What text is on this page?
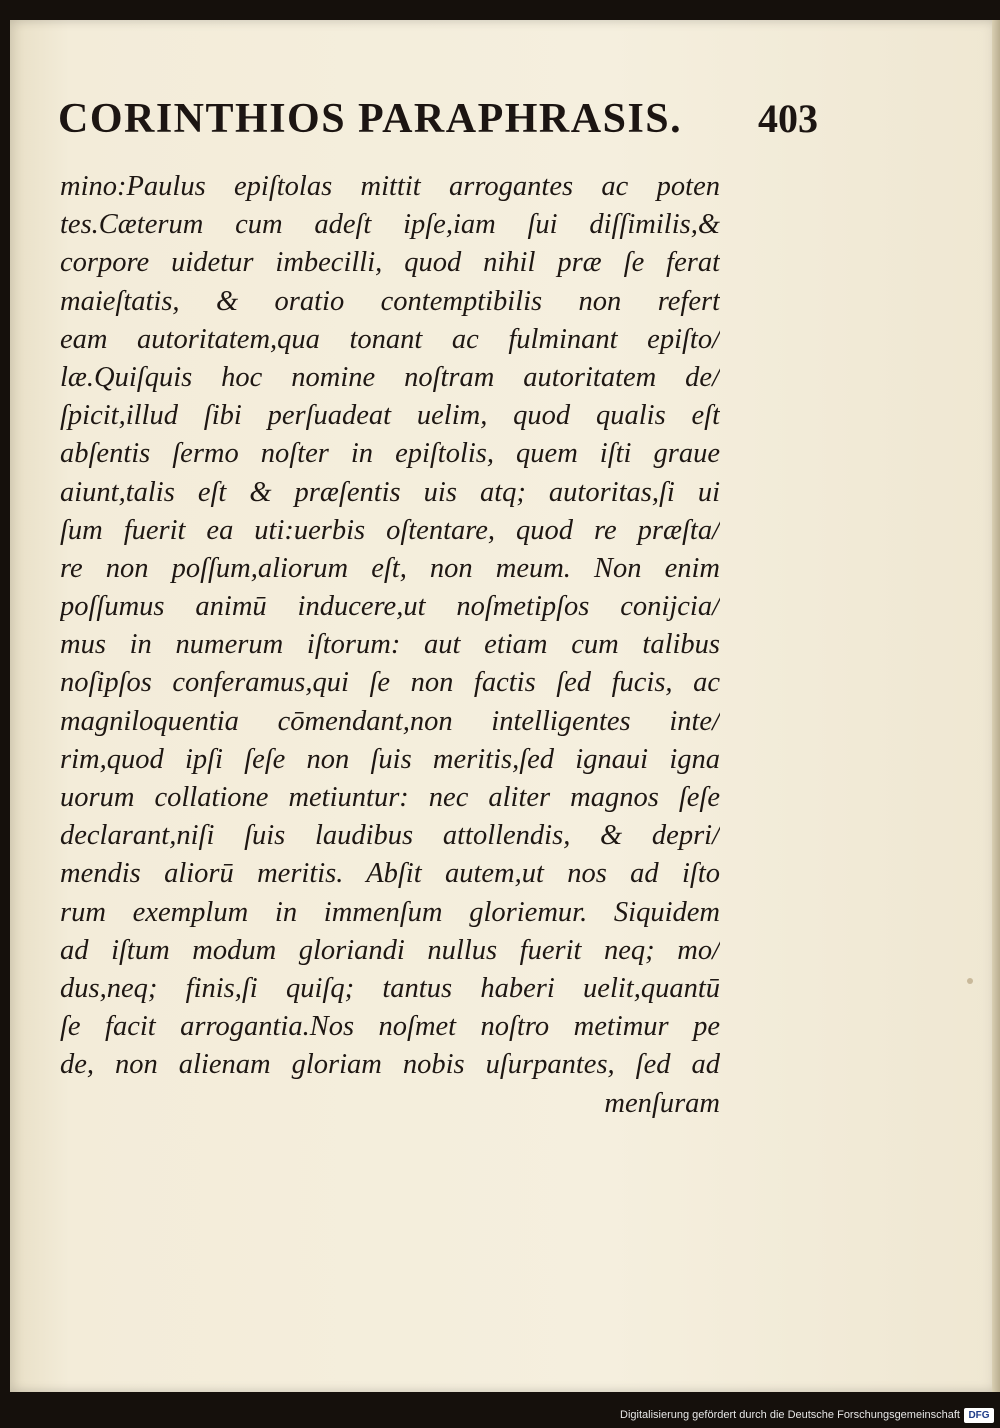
CORINTHIOS PARAPHRASIS. 403
mino:Paulus epiſtolas mittit arrogantes ac poten
tes.Cæterum cum adeſt ipſe,iam ſui diſſimilis,&
corpore uidetur imbecilli, quod nihil præ ſe ferat
maieſtatis, & oratio contemptibilis non refert
eam autoritatem,qua tonant ac fulminant epiſto/
læ.Quiſquis hoc nomine noſtram autoritatem de/
ſpicit,illud ſibi perſuadeat uelim, quod qualis eſt
abſentis ſermo noſter in epiſtolis, quem iſti graue
aiunt,talis eſt & præſentis uis atq; autoritas,ſi ui
ſum fuerit ea uti:uerbis oſtentare, quod re præſta/
re non poſſum,aliorum eſt, non meum. Non enim
poſſumus animū inducere,ut noſmetipſos conijcia/
mus in numerum iſtorum: aut etiam cum talibus
noſipſos conferamus,qui ſe non factis ſed fucis, ac
magniloquentia cōmendant,non intelligentes inte/
rim,quod ipſi ſeſe non ſuis meritis,ſed ignaui igna
uorum collatione metiuntur: nec aliter magnos ſeſe
declarant,niſi ſuis laudibus attollendis, & depri/
mendis aliorū meritis. Abſit autem,ut nos ad iſto
rum exemplum in immenſum gloriemur. Siquidem
ad iſtum modum gloriandi nullus fuerit neq; mo/
dus,neq; finis,ſi quiſq; tantus haberi uelit,quantū
ſe facit arrogantia.Nos noſmet noſtro metimur pe
de, non alienam gloriam nobis uſurpantes, ſed ad
menſuram
Digitalisierung gefördert durch die Deutsche Forschungsgemeinschaft DFG
